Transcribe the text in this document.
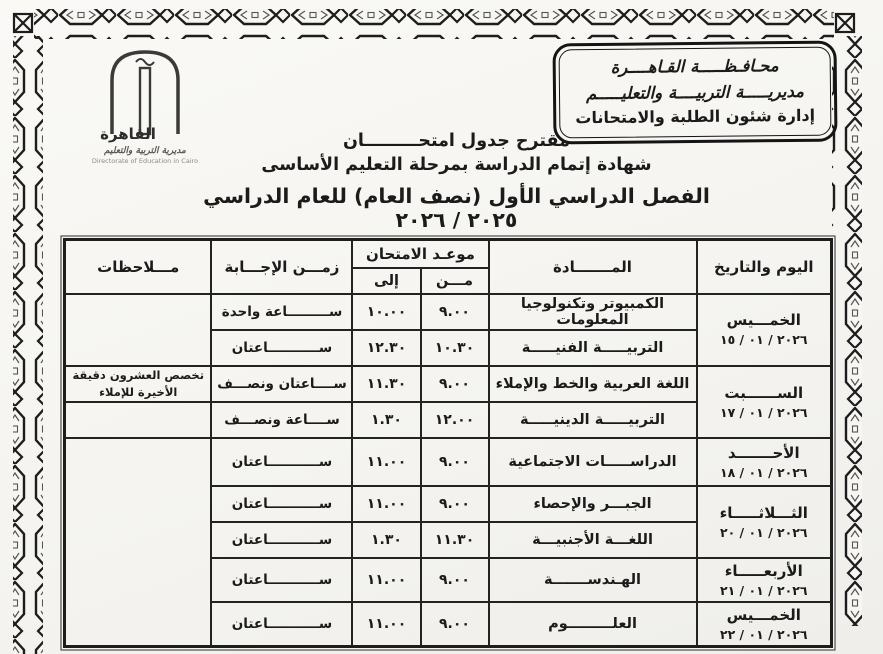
القاهرة
مديرية التربية والتعليم
Directorate of Education in Cairo
محـافـظـــــة القـاهــــرة
مديريـــــة التربيــــة والتعليـــــم
إدارة شئون الطلبة والامتحانات
مقترح جدول امتحـــــــــان
شهادة إتمام الدراسة بمرحلة التعليم الأساسى
الفصل الدراسي الأول (نصف العام) للعام الدراسي ٢٠٢٥ / ٢٠٢٦
اليوم والتاريخ	المـــــــادة	موعـد الامتحان		زمـــن الإجـــابة	مـــلاحظات
		مـــن	إلى		

الخمـــيس
٢٠٢٦ / ٠١ / ١٥	الكمبيوتر وتكنولوجيا المعلومات	٩.٠٠	١٠.٠٠	ســـــــــاعة واحدة	
	التربيـــــة الفنيـــــة	١٠.٣٠	١٢.٣٠	ســـــــــــاعتان	

الســــــبت
٢٠٢٦ / ٠١ / ١٧	اللغة العربية والخط والإملاء	٩.٠٠	١١.٣٠	ســــاعتان ونصـــف	تخصص العشرون دقيقة الأخيرة للإملاء
	التربيـــــة الدينيـــــة	١٢.٠٠	١.٣٠	ســــاعة ونصـــف	

الأحـــــــد
٢٠٢٦ / ٠١ / ١٨	الدراســـــات الاجتماعية	٩.٠٠	١١.٠٠	ســـــــــــاعتان	

الثـــلاثـــــاء
٢٠٢٦ / ٠١ / ٢٠	الجبـــر والإحصاء	٩.٠٠	١١.٠٠	ســـــــــــاعتان	
	اللغـــة الأجنبيـــة	١١.٣٠	١.٣٠	ســـــــــــاعتان	

الأربعـــــاء
٢٠٢٦ / ٠١ / ٢١	الهـندســـــــة	٩.٠٠	١١.٠٠	ســـــــــــاعتان	

الخمـــيس
٢٠٢٦ / ٠١ / ٢٢	العلـــــــــوم	٩.٠٠	١١.٠٠	ســـــــــــاعتان	
